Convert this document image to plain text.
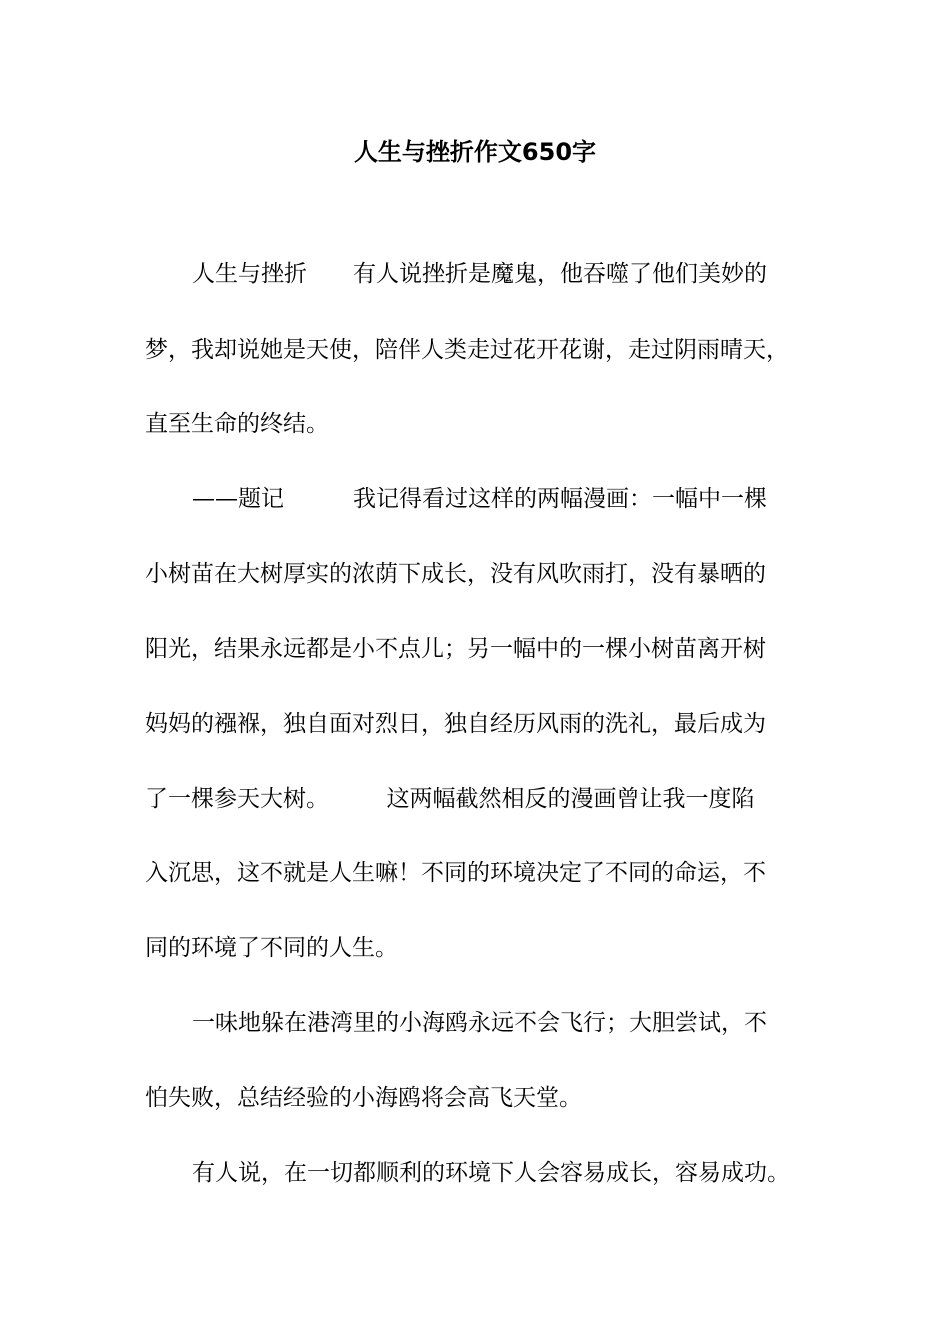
人生与挫折作文650字
人生与挫折　　有人说挫折是魔鬼，他吞噬了他们美妙的
梦，我却说她是天使，陪伴人类走过花开花谢，走过阴雨晴天，
直至生命的终结。
——题记　　　我记得看过这样的两幅漫画：一幅中一棵
小树苗在大树厚实的浓荫下成长，没有风吹雨打，没有暴晒的
阳光，结果永远都是小不点儿；另一幅中的一棵小树苗离开树
妈妈的襁褓，独自面对烈日，独自经历风雨的洗礼，最后成为
了一棵参天大树。　　　这两幅截然相反的漫画曾让我一度陷
入沉思，这不就是人生嘛！不同的环境决定了不同的命运，不
同的环境了不同的人生。
一味地躲在港湾里的小海鸥永远不会飞行；大胆尝试，不
怕失败，总结经验的小海鸥将会高飞天堂。
有人说，在一切都顺利的环境下人会容易成长，容易成功。
